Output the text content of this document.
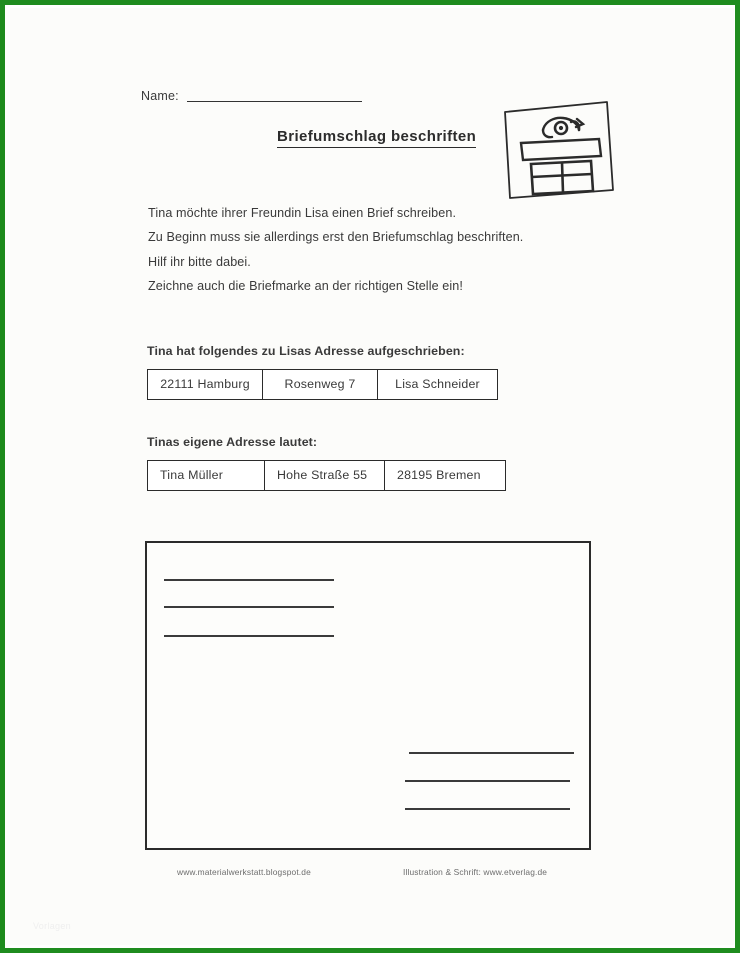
Name:
Briefumschlag beschriften

Tina möchte ihrer Freundin Lisa einen Brief schreiben.

Zu Beginn muss sie allerdings erst den Briefumschlag beschriften.

Hilf ihr bitte dabei.

Zeichne auch die Briefmarke an der richtigen Stelle ein!

Tina hat folgendes zu Lisas Adresse aufgeschrieben:
22111 Hamburg	Rosenweg 7	Lisa Schneider
Tinas eigene Adresse lautet:
Tina Müller	Hohe Straße 55	28195 Bremen
www.materialwerkstatt.blogspot.de	Illustration & Schrift: www.etverlag.de
Vorlagen
